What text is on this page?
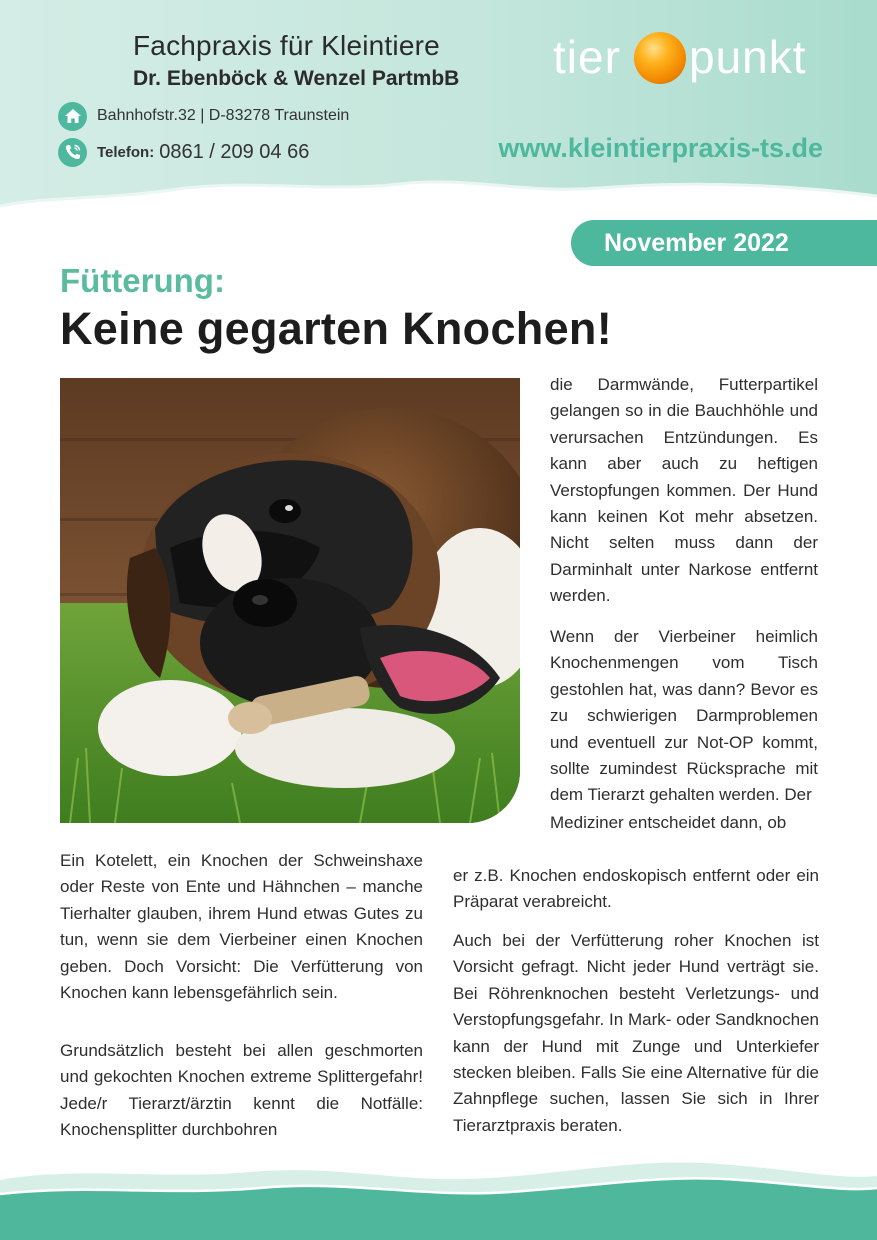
Fachpraxis für Kleintiere
Dr. Ebenböck & Wenzel PartmbB	tier punkt
Bahnhofstr.32 | D-83278 Traunstein
Telefon: 0861 / 209 04 66	www.kleintierpraxis-ts.de
November 2022
Fütterung:
Keine gegarten Knochen!
©Fotolia.com

die Darmwände, Futterpartikel gelangen so in die Bauchhöhle und verursachen Entzündungen. Es kann aber auch zu heftigen Verstopfungen kommen. Der Hund kann keinen Kot mehr absetzen. Nicht selten muss dann der Darminhalt unter Narkose entfernt werden.

Wenn der Vierbeiner heimlich Knochenmengen vom Tisch gestohlen hat, was dann? Bevor es zu schwierigen Darmproblemen und eventuell zur Not-OP kommt, sollte zumindest Rücksprache mit dem Tierarzt gehalten werden. Der

Mediziner entscheidet dann, ob

er z.B. Knochen endoskopisch entfernt oder ein Präparat verabreicht.

Auch bei der Verfütterung roher Knochen ist Vorsicht gefragt. Nicht jeder Hund verträgt sie. Bei Röhrenknochen besteht Verletzungs- und Verstopfungsgefahr. In Mark- oder Sandknochen kann der Hund mit Zunge und Unterkiefer stecken bleiben. Falls Sie eine Alternative für die Zahnpflege suchen, lassen Sie sich in Ihrer Tierarztpraxis beraten.

Ein Kotelett, ein Knochen der Schweinshaxe oder Reste von Ente und Hähnchen – manche Tierhalter glauben, ihrem Hund etwas Gutes zu tun, wenn sie dem Vierbeiner einen Knochen geben. Doch Vorsicht: Die Verfütterung von Knochen kann lebensgefährlich sein.

Grundsätzlich besteht bei allen geschmorten und gekochten Knochen extreme Splittergefahr! Jede/r Tierarzt/ärztin kennt die Notfälle: Knochensplitter durchbohren
